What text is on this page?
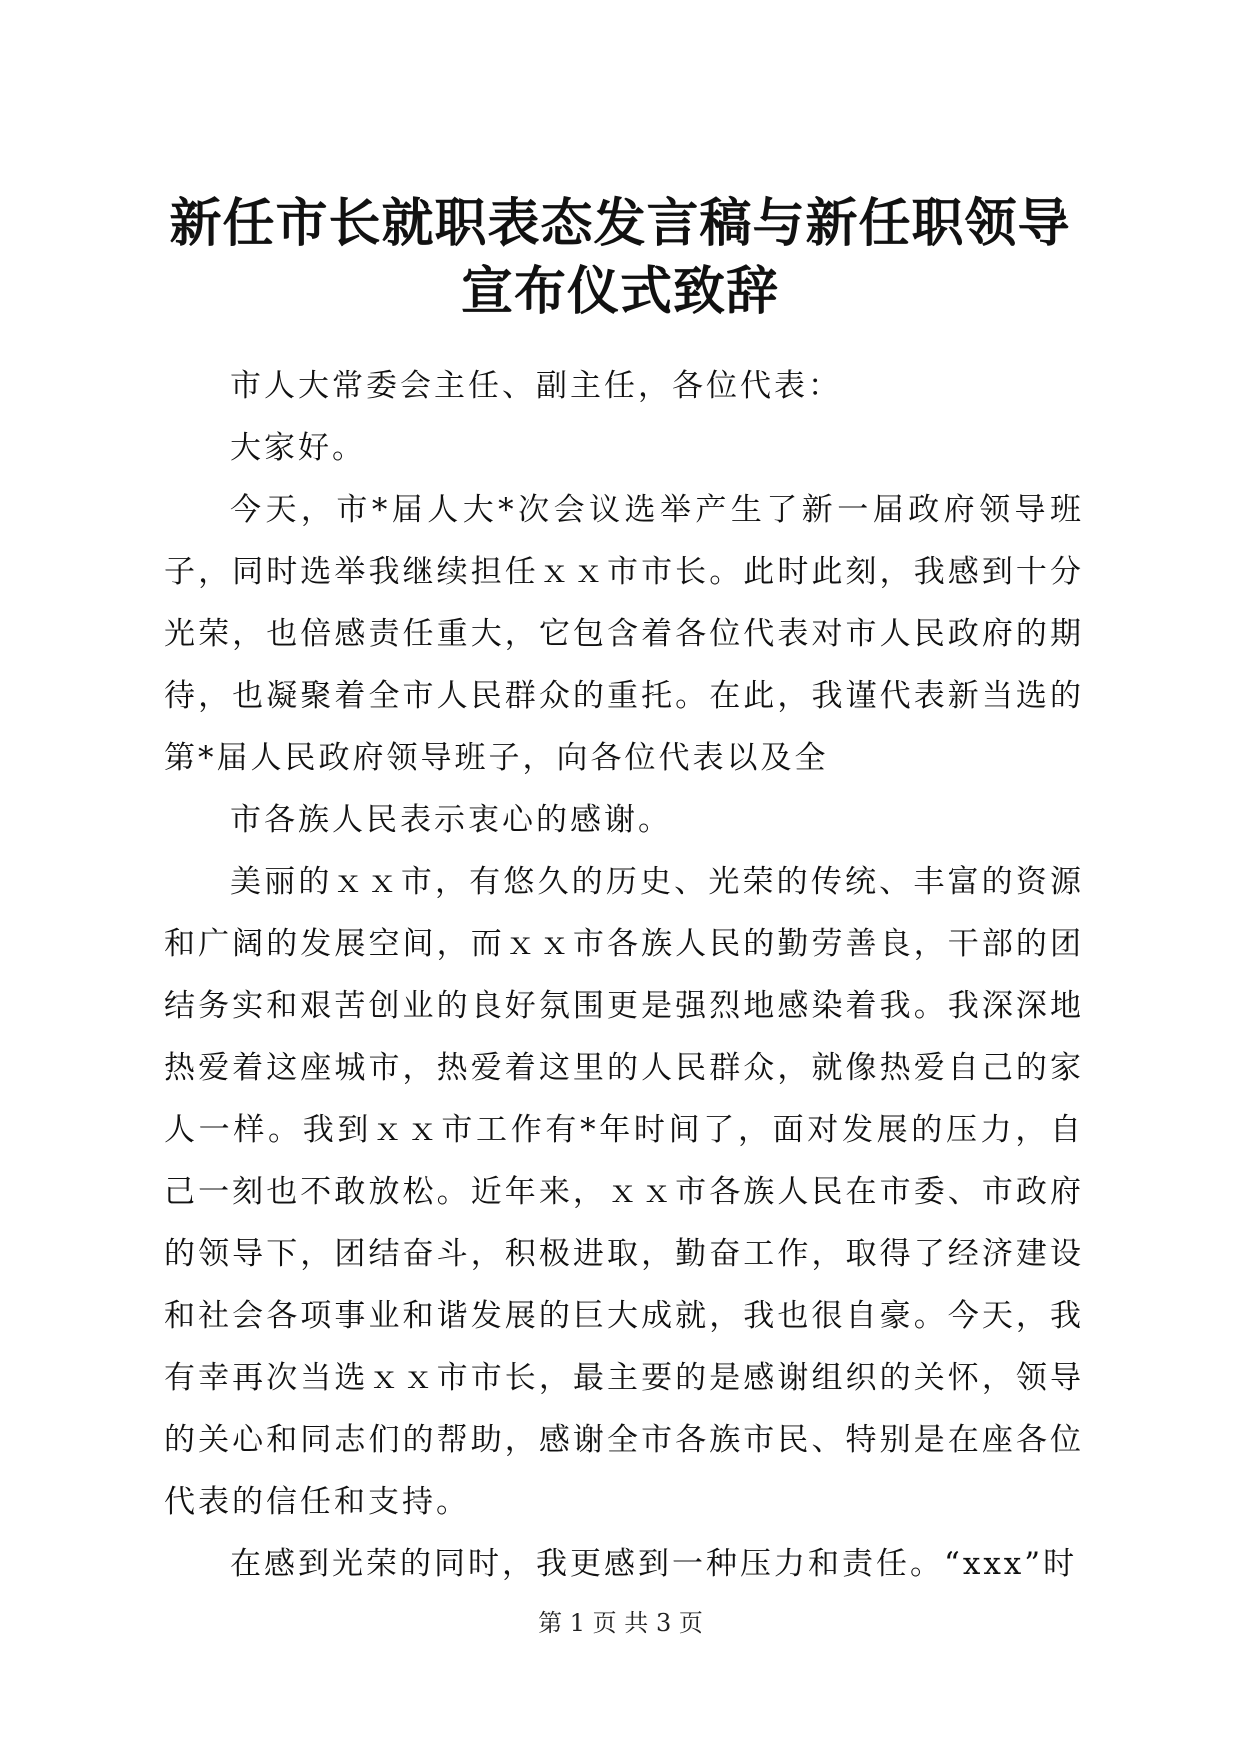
新任市长就职表态发言稿与新任职领导宣布仪式致辞

市人大常委会主任、副主任，各位代表：

大家好。

今天，市*届人大*次会议选举产生了新一届政府领导班子，同时选举我继续担任ｘｘ市市长。此时此刻，我感到十分光荣，也倍感责任重大，它包含着各位代表对市人民政府的期待，也凝聚着全市人民群众的重托。在此，我谨代表新当选的第*届人民政府领导班子，向各位代表以及全

市各族人民表示衷心的感谢。

美丽的ｘｘ市，有悠久的历史、光荣的传统、丰富的资源和广阔的发展空间，而ｘｘ市各族人民的勤劳善良，干部的团结务实和艰苦创业的良好氛围更是强烈地感染着我。我深深地热爱着这座城市，热爱着这里的人民群众，就像热爱自己的家人一样。我到ｘｘ市工作有*年时间了，面对发展的压力，自己一刻也不敢放松。近年来，ｘｘ市各族人民在市委、市政府的领导下，团结奋斗，积极进取，勤奋工作，取得了经济建设和社会各项事业和谐发展的巨大成就，我也很自豪。今天，我有幸再次当选ｘｘ市市长，最主要的是感谢组织的关怀，领导的关心和同志们的帮助，感谢全市各族市民、特别是在座各位代表的信任和支持。

在感到光荣的同时，我更感到一种压力和责任。“xxx”时

第 1 页 共 3 页
